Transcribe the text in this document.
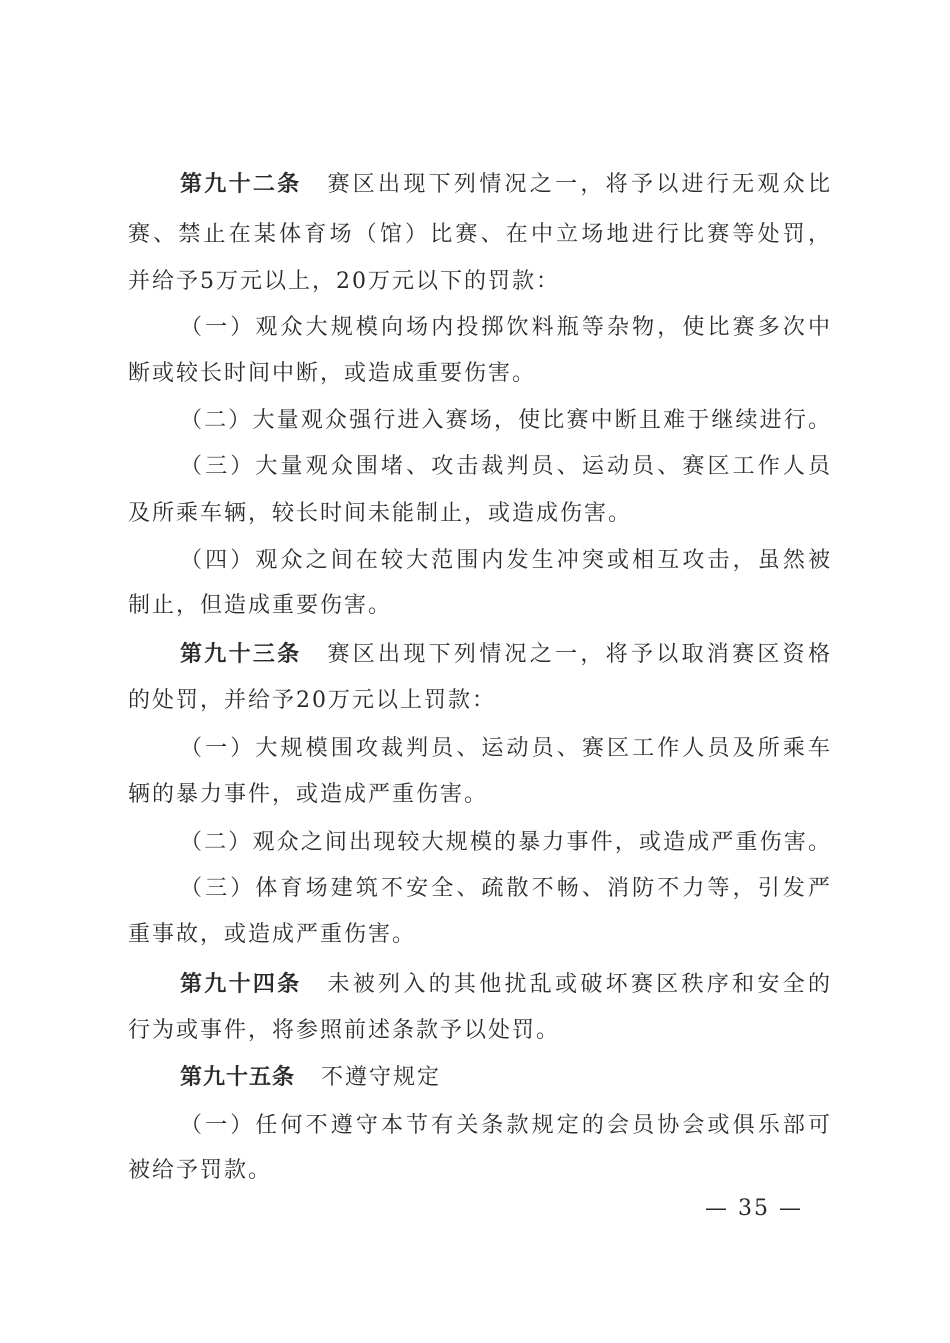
第九十二条 赛区出现下列情况之一，将予以进行无观众比
赛、禁止在某体育场（馆）比赛、在中立场地进行比赛等处罚，
并给予5万元以上，20万元以下的罚款：
（一）观众大规模向场内投掷饮料瓶等杂物，使比赛多次中
断或较长时间中断，或造成重要伤害。
（二）大量观众强行进入赛场，使比赛中断且难于继续进行。
（三）大量观众围堵、攻击裁判员、运动员、赛区工作人员
及所乘车辆，较长时间未能制止，或造成伤害。
（四）观众之间在较大范围内发生冲突或相互攻击，虽然被
制止，但造成重要伤害。
第九十三条 赛区出现下列情况之一，将予以取消赛区资格
的处罚，并给予20万元以上罚款：
（一）大规模围攻裁判员、运动员、赛区工作人员及所乘车
辆的暴力事件，或造成严重伤害。
（二）观众之间出现较大规模的暴力事件，或造成严重伤害。
（三）体育场建筑不安全、疏散不畅、消防不力等，引发严
重事故，或造成严重伤害。
第九十四条 未被列入的其他扰乱或破坏赛区秩序和安全的
行为或事件，将参照前述条款予以处罚。
第九十五条 不遵守规定
（一）任何不遵守本节有关条款规定的会员协会或俱乐部可
被给予罚款。
— 35 —
